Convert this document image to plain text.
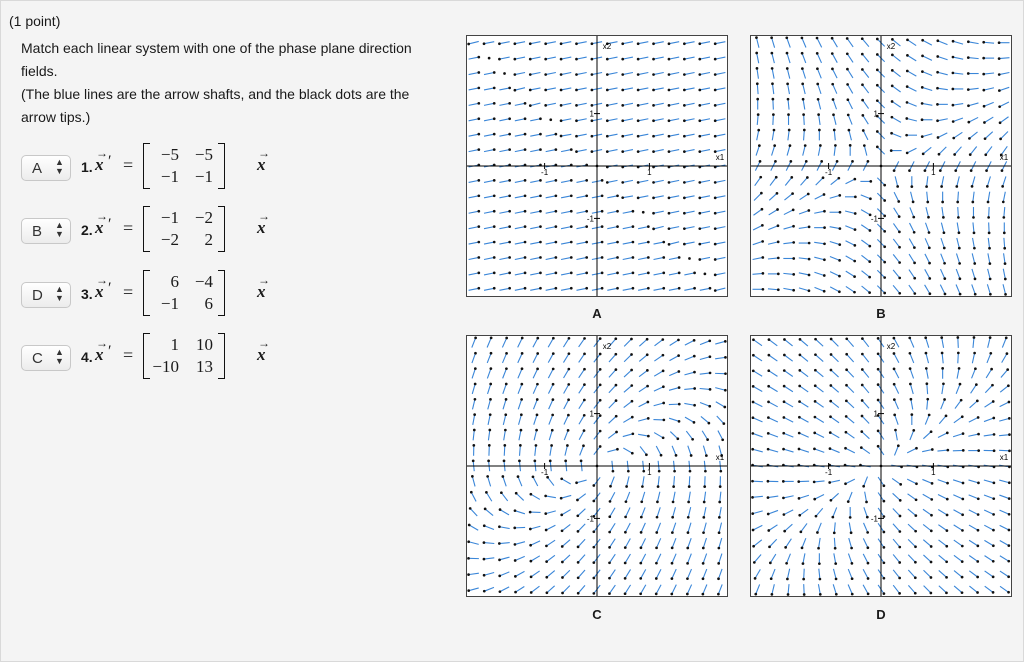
(1 point)

Match each linear system with one of the phase plane direction fields.

(The blue lines are the arrow shafts, and the black dots are the arrow tips.)

A ▲
▼ 1.
→
x ′ =
−5 −5
−1 −1
→
x
B ▲
▼ 2.
→
x ′ =
−1 −2
−2	2
→
x
D ▲
▼ 3.
→
x ′ =
6 −4
−1	6
→
x
C ▲
▼ 4.
→
x ′ =
1	10
−10	13
→
x
-1	1
1
-1
x1
x2
A
-1	1
1
-1
x1
x2
B
-1	1
1
-1
x1
x2
C
-1	1
1
-1
x1
x2
D
